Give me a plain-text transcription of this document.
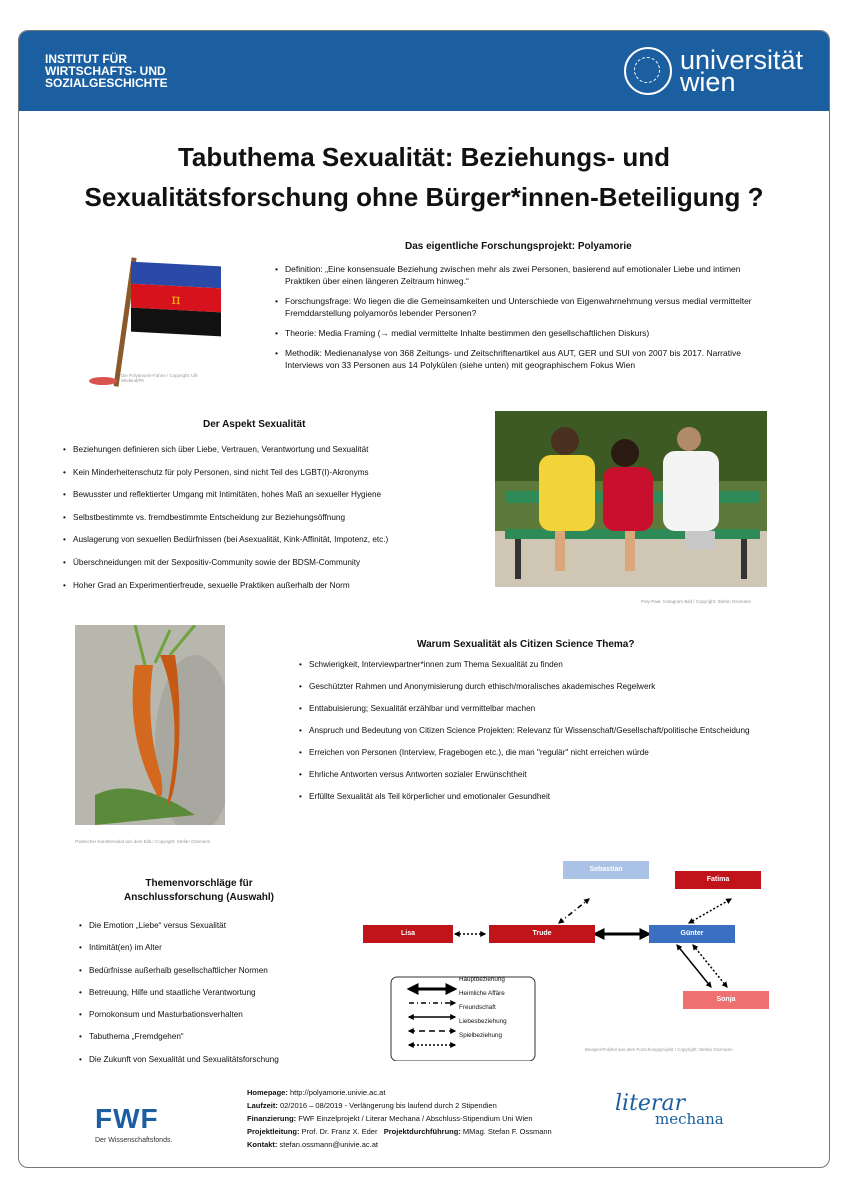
INSTITUT FÜR
WIRTSCHAFTS- UND
SOZIALGESCHICHTE
universität
wien
Tabuthema Sexualität: Beziehungs- und
Sexualitätsforschung ohne Bürger*innen-Beteiligung ?
π
Die Polyamorie-Fahne / Copyright: Ulli Wieland/PA
Das eigentliche Forschungsprojekt: Polyamorie
• Definition: „Eine konsensuale Beziehung zwischen mehr als zwei Personen, basierend auf emotionaler Liebe und intimen Praktiken über einen längeren Zeitraum hinweg.“
• Forschungsfrage: Wo liegen die die Gemeinsamkeiten und Unterschiede von Eigenwahrnehmung versus medial vermittelter Fremddarstellung polyamorös lebender Personen?
• Theorie: Media Framing (→ medial vermittelte Inhalte bestimmen den gesellschaftlichen Diskurs)
• Methodik: Medienanalyse von 368 Zeitungs- und Zeitschriftenartikel aus AUT, GER und SUI von 2007 bis 2017. Narrative Interviews von 33 Personen aus 14 Polykülen (siehe unten) mit geographischem Fokus Wien
Der Aspekt Sexualität
• Beziehungen definieren sich über Liebe, Vertrauen, Verantwortung und Sexualität
• Kein Minderheitenschutz für poly Personen, sind nicht Teil des LGBT(I)-Akronyms
• Bewusster und reflektierter Umgang mit Intimitäten, hohes Maß an sexueller Hygiene
• Selbstbestimmte vs. fremdbestimmte Entscheidung zur Beziehungsöffnung
• Auslagerung von sexuellen Bedürfnissen (bei Asexualität, Kink-Affinität, Impotenz, etc.)
• Überschneidungen mit der Sexpositiv-Community sowie der BDSM-Community
• Hoher Grad an Experimentierfreude, sexuelle Praktiken außerhalb der Norm
Poly-Paar, Instagram-Bild / Copyright: Stefan Ossmann
Poetischer Karottensalat aus dem Bild / Copyright: Stefan Ossmann
Warum Sexualität als Citizen Science Thema?
• Schwierigkeit, Interviewpartner*innen zum Thema Sexualität zu finden
• Geschützter Rahmen und Anonymisierung durch ethisch/moralisches akademisches Regelwerk
• Enttabuisierung; Sexualität erzählbar und vermittelbar machen
• Anspruch und Bedeutung von Citizen Science Projekten: Relevanz für Wissenschaft/Gesellschaft/politische Entscheidung
• Erreichen von Personen (Interview, Fragebogen etc.), die man "regulär" nicht erreichen würde
• Ehrliche Antworten versus Antworten sozialer Erwünschtheit
• Erfüllte Sexualität als Teil körperlicher und emotionaler Gesundheit
Themenvorschläge für
Anschlussforschung (Auswahl)
• Die Emotion „Liebe“ versus Sexualität
• Intimität(en) im Alter
• Bedürfnisse außerhalb gesellschaftlicher Normen
• Betreuung, Hilfe und staatliche Verantwortung
• Pornokonsum und Masturbationsverhalten
• Tabuthema „Fremdgehen“
• Die Zukunft von Sexualität und Sexualitätsforschung
Sebastian
Fatima
Lisa	Trude	Günter
Sonja
Hauptbeziehung
Heimliche Affäre
Freundschaft
Liebesbeziehung
Spielbeziehung
Beispiel-Polykül aus dem Forschungsprojekt / Copyright: Stefan Ossmann
FWF
Der Wissenschaftsfonds.
Homepage: http://polyamorie.univie.ac.at
Laufzeit: 02/2016 – 08/2019 - Verlängerung bis laufend durch 2 Stipendien
Finanzierung: FWF Einzelprojekt / Literar Mechana / Abschluss-Stipendium Uni Wien
Projektleitung: Prof. Dr. Franz X. Eder Projektdurchführung: MMag. Stefan F. Ossmann
Kontakt: stefan.ossmann@univie.ac.at
literar
mechana
